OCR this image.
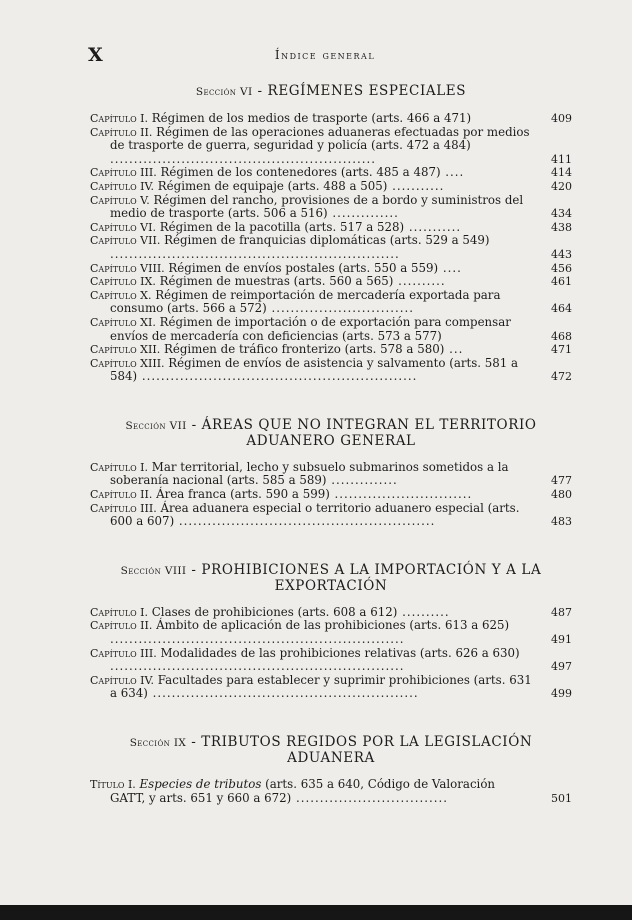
X	Índice general
Sección VI - REGÍMENES ESPECIALES
Capítulo I. Régimen de los medios de trasporte (arts. 466 a 471)	409
Capítulo II. Régimen de las operaciones aduaneras efectuadas por medios de trasporte de guerra, seguridad y policía (arts. 472 a 484) ........................................................	411
Capítulo III. Régimen de los contenedores (arts. 485 a 487) ....	414
Capítulo IV. Régimen de equipaje (arts. 488 a 505) ...........	420
Capítulo V. Régimen del rancho, provisiones de a bordo y suministros del medio de trasporte (arts. 506 a 516) ..............	434
Capítulo VI. Régimen de la pacotilla (arts. 517 a 528) ...........	438
Capítulo VII. Régimen de franquicias diplomáticas (arts. 529 a 549) .............................................................	443
Capítulo VIII. Régimen de envíos postales (arts. 550 a 559) ....	456
Capítulo IX. Régimen de muestras (arts. 560 a 565) ..........	461
Capítulo X. Régimen de reimportación de mercadería exportada para consumo (arts. 566 a 572) ..............................	464
Capítulo XI. Régimen de importación o de exportación para compensar envíos de mercadería con deficiencias (arts. 573 a 577)	468
Capítulo XII. Régimen de tráfico fronterizo (arts. 578 a 580) ...	471
Capítulo XIII. Régimen de envíos de asistencia y salvamento (arts. 581 a 584) ..........................................................	472
Sección VII - ÁREAS QUE NO INTEGRAN EL TERRITORIO ADUANERO GENERAL
Capítulo I. Mar territorial, lecho y subsuelo submarinos sometidos a la soberanía nacional (arts. 585 a 589) ..............	477
Capítulo II. Área franca (arts. 590 a 599) .............................	480
Capítulo III. Área aduanera especial o territorio aduanero especial (arts. 600 a 607) ......................................................	483
Sección VIII - PROHIBICIONES A LA IMPORTACIÓN Y A LA EXPORTACIÓN
Capítulo I. Clases de prohibiciones (arts. 608 a 612) ..........	487
Capítulo II. Ámbito de aplicación de las prohibiciones (arts. 613 a 625) ..............................................................	491
Capítulo III. Modalidades de las prohibiciones relativas (arts. 626 a 630) ..............................................................	497
Capítulo IV. Facultades para establecer y suprimir prohibiciones (arts. 631 a 634) ........................................................	499
Sección IX - TRIBUTOS REGIDOS POR LA LEGISLACIÓN ADUANERA
Título I. Especies de tributos (arts. 635 a 640, Código de Valoración GATT, y arts. 651 y 660 a 672) ................................	501
